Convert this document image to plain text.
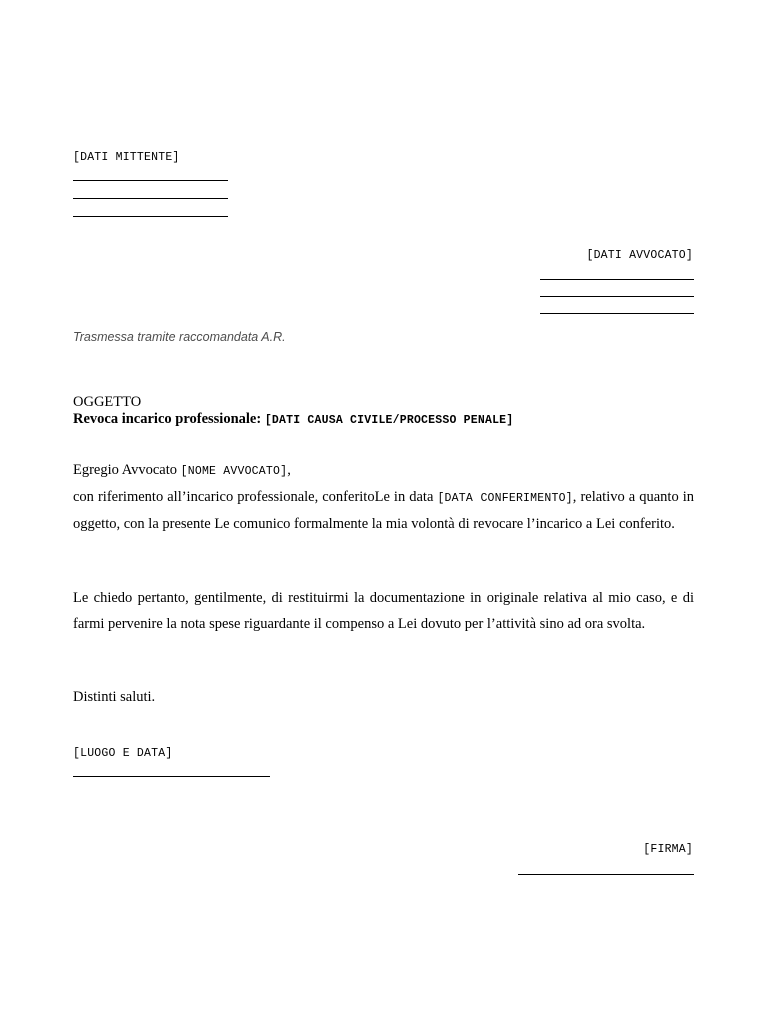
[DATI MITTENTE]
[DATI AVVOCATO]
Trasmessa tramite raccomandata A.R.
OGGETTO
Revoca incarico professionale: [DATI CAUSA CIVILE/PROCESSO PENALE]
Egregio Avvocato [NOME AVVOCATO],
con riferimento all’incarico professionale, conferitoLe in data [DATA CONFERIMENTO], relativo a quanto in oggetto, con la presente Le comunico formalmente la mia volontà di revocare l’incarico a Lei conferito.
Le chiedo pertanto, gentilmente, di restituirmi la documentazione in originale relativa al mio caso, e di farmi pervenire la nota spese riguardante il compenso a Lei dovuto per l’attività sino ad ora svolta.
Distinti saluti.
[LUOGO E DATA]
[FIRMA]
